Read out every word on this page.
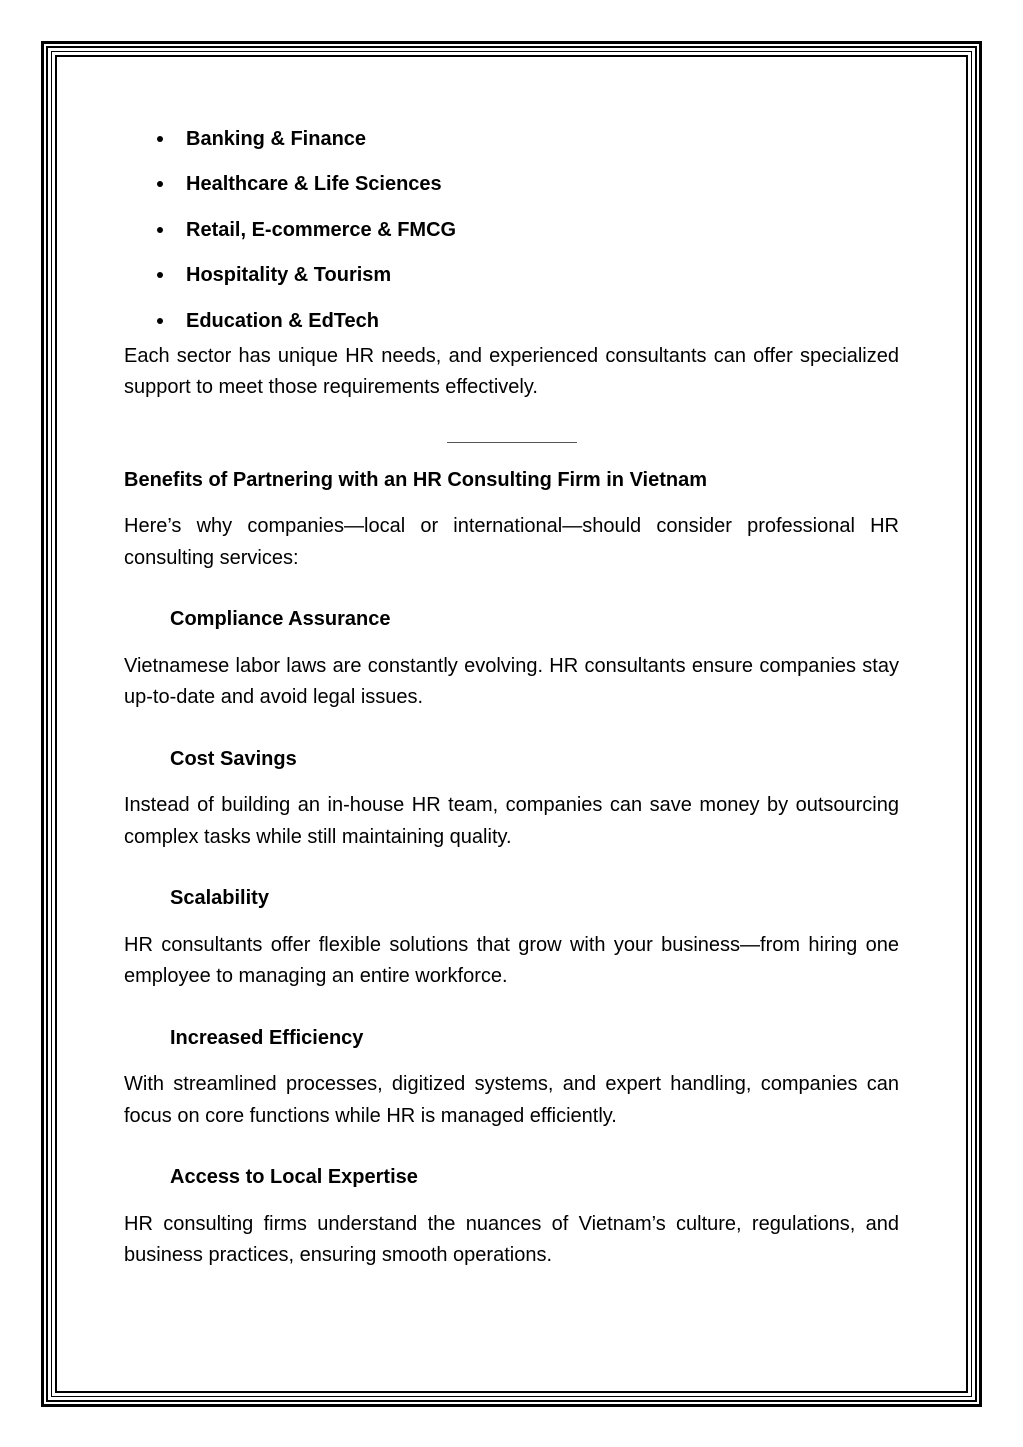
Banking & Finance
Healthcare & Life Sciences
Retail, E-commerce & FMCG
Hospitality & Tourism
Education & EdTech

Each sector has unique HR needs, and experienced consultants can offer specialized support to meet those requirements effectively.

Benefits of Partnering with an HR Consulting Firm in Vietnam

Here’s why companies—local or international—should consider professional HR consulting services:

Compliance Assurance

Vietnamese labor laws are constantly evolving. HR consultants ensure companies stay up-to-date and avoid legal issues.

Cost Savings

Instead of building an in-house HR team, companies can save money by outsourcing complex tasks while still maintaining quality.

Scalability

HR consultants offer flexible solutions that grow with your business—from hiring one employee to managing an entire workforce.

Increased Efficiency

With streamlined processes, digitized systems, and expert handling, companies can focus on core functions while HR is managed efficiently.

Access to Local Expertise

HR consulting firms understand the nuances of Vietnam’s culture, regulations, and business practices, ensuring smooth operations.
